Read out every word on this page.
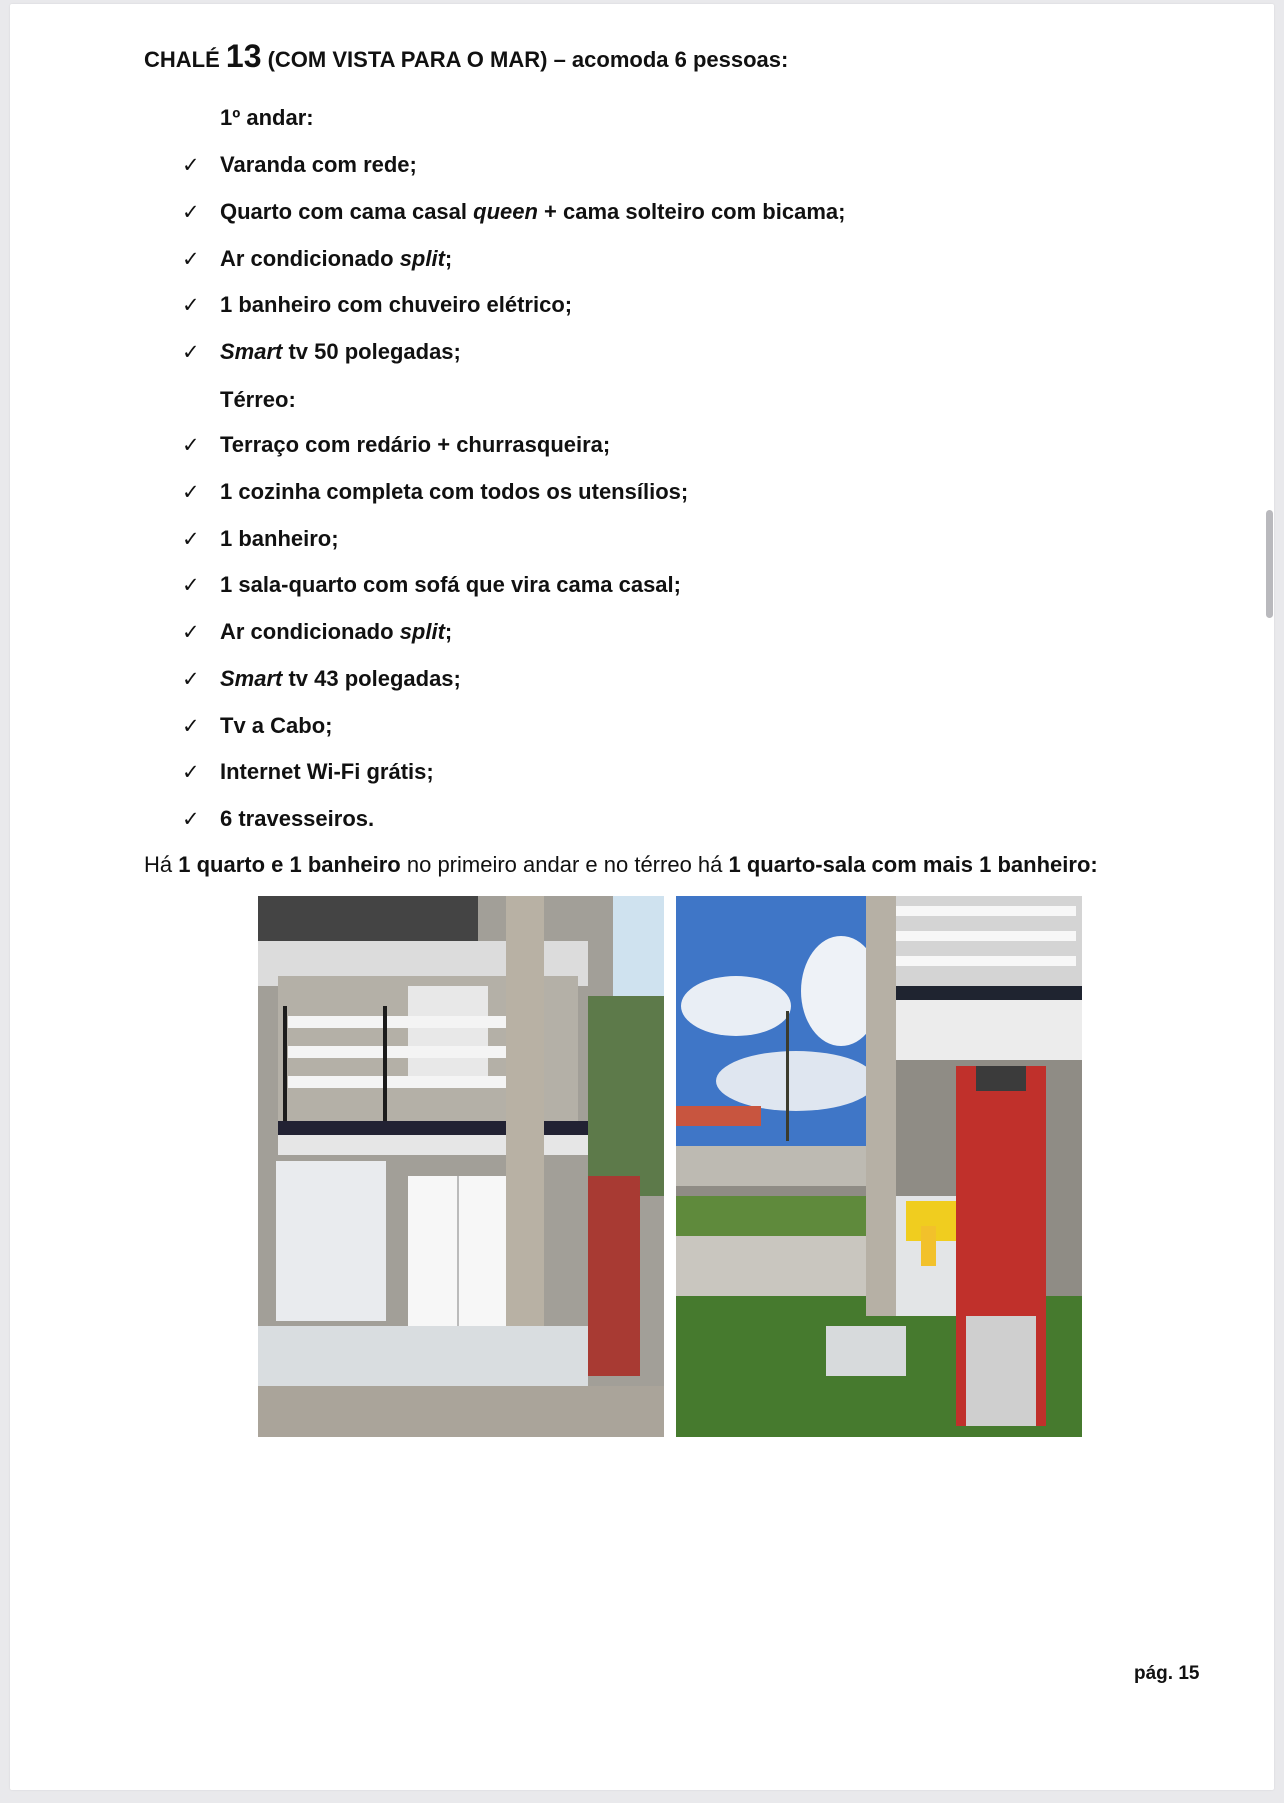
CHALÉ 13 (COM VISTA PARA O MAR) – acomoda 6 pessoas:
1º andar:
✓ Varanda com rede;
✓ Quarto com cama casal queen + cama solteiro com bicama;
✓ Ar condicionado split;
✓ 1 banheiro com chuveiro elétrico;
✓ Smart tv 50 polegadas;
Térreo:
✓ Terraço com redário + churrasqueira;
✓ 1 cozinha completa com todos os utensílios;
✓ 1 banheiro;
✓ 1 sala-quarto com sofá que vira cama casal;
✓ Ar condicionado split;
✓ Smart tv 43 polegadas;
✓ Tv a Cabo;
✓ Internet Wi-Fi grátis;
✓ 6 travesseiros.
Há 1 quarto e 1 banheiro no primeiro andar e no térreo há 1 quarto-sala com mais 1 banheiro:
pág. 15
